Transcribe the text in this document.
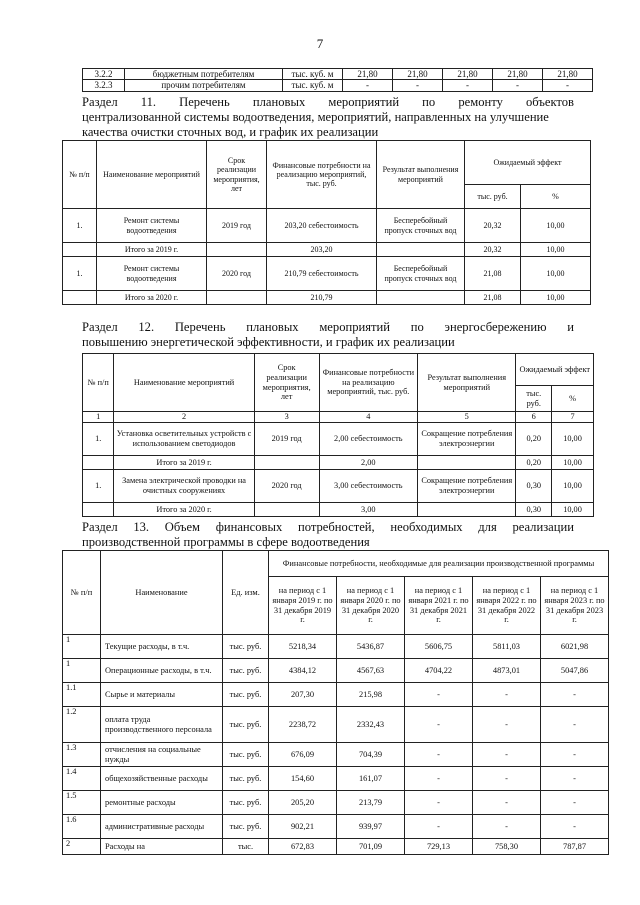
7
3.2.2	бюджетным потребителям	тыс. куб. м	21,80	21,80	21,80	21,80	21,80
3.2.3	прочим потребителям	тыс. куб. м	-	-	-	-	-
Раздел 11. Перечень плановых мероприятий по ремонту объектов
централизованной системы водоотведения, мероприятий, направленных на улучшение
качества очистки сточных вод, и график их реализации
№ п/п	Наименование мероприятий	Срок реализации мероприятия, лет	Финансовые потребности на реализацию мероприятий, тыс. руб.	Результат выполнения мероприятий	Ожидаемый эффект	
					тыс. руб.	%
1.	Ремонт системы водоотведения	2019 год	203,20 себестоимость	Бесперебойный пропуск сточных вод	20,32	10,00
	Итого за 2019 г.		203,20		20,32	10,00
1.	Ремонт системы водоотведения	2020 год	210,79 себестоимость	Бесперебойный пропуск сточных вод	21,08	10,00
	Итого за 2020 г.		210,79		21,08	10,00
Раздел 12. Перечень плановых мероприятий по энергосбережению и
повышению энергетической эффективности, и график их реализации
№ п/п	Наименование мероприятий	Срок реализации мероприятия, лет	Финансовые потребности на реализацию мероприятий, тыс. руб.	Результат выполнения мероприятий	Ожидаемый эффект	
					тыс. руб.	%
1	2	3	4	5	6	7
1.	Установка осветительных устройств с использованием светодиодов	2019 год	2,00 себестоимость	Сокращение потребления электроэнергии	0,20	10,00
	Итого за 2019 г.		2,00		0,20	10,00
1.	Замена электрической проводки на очистных сооружениях	2020 год	3,00 себестоимость	Сокращение потребления электроэнергии	0,30	10,00
	Итого за 2020 г.		3,00		0,30	10,00
Раздел 13. Объем финансовых потребностей, необходимых для реализации
производственной программы в сфере водоотведения
№ п/п	Наименование	Ед. изм.	Финансовые потребности, необходимые для реализации производственной программы				
			на период с 1 января 2019 г. по 31 декабря 2019 г.	на период с 1 января 2020 г. по 31 декабря 2020 г.	на период с 1 января 2021 г. по 31 декабря 2021 г.	на период с 1 января 2022 г. по 31 декабря 2022 г.	на период с 1 января 2023 г. по 31 декабря 2023 г.
1	Текущие расходы, в т.ч.	тыс. руб.	5218,34	5436,87	5606,75	5811,03	6021,98
1	Операционные расходы, в т.ч.	тыс. руб.	4384,12	4567,63	4704,22	4873,01	5047,86
1.1	Сырье и материалы	тыс. руб.	207,30	215,98	-	-	-
1.2	оплата труда производственного персонала	тыс. руб.	2238,72	2332,43	-	-	-
1.3	отчисления на социальные нужды	тыс. руб.	676,09	704,39	-	-	-
1.4	общехозяйственные расходы	тыс. руб.	154,60	161,07	-	-	-
1.5	ремонтные расходы	тыс. руб.	205,20	213,79	-	-	-
1.6	административные расходы	тыс. руб.	902,21	939,97	-	-	-
2	Расходы на	тыс.	672,83	701,09	729,13	758,30	787,87
